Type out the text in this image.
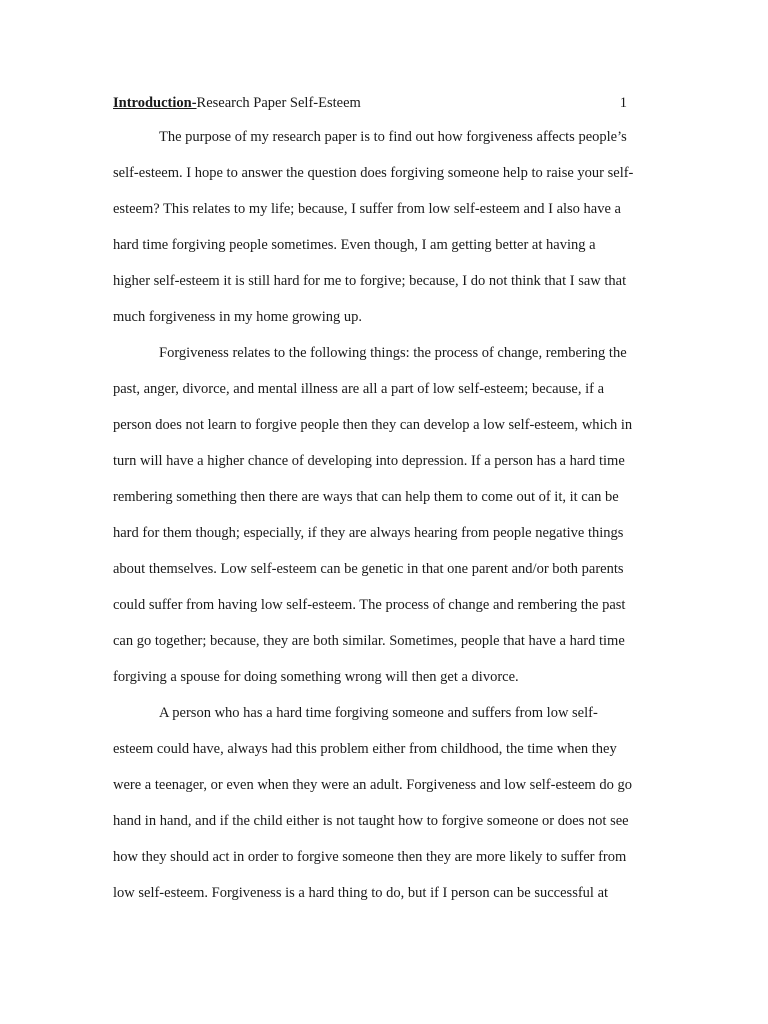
Introduction-Research Paper Self-Esteem	1
The purpose of my research paper is to find out how forgiveness affects people’s
self-esteem. I hope to answer the question does forgiving someone help to raise your self-
esteem? This relates to my life; because, I suffer from low self-esteem and I also have a
hard time forgiving people sometimes. Even though, I am getting better at having a
higher self-esteem it is still hard for me to forgive; because, I do not think that I saw that
much forgiveness in my home growing up.
Forgiveness relates to the following things: the process of change, rembering the
past, anger, divorce, and mental illness are all a part of low self-esteem; because, if a
person does not learn to forgive people then they can develop a low self-esteem, which in
turn will have a higher chance of developing into depression. If a person has a hard time
rembering something then there are ways that can help them to come out of it, it can be
hard for them though; especially, if they are always hearing from people negative things
about themselves. Low self-esteem can be genetic in that one parent and/or both parents
could suffer from having low self-esteem. The process of change and rembering the past
can go together; because, they are both similar. Sometimes, people that have a hard time
forgiving a spouse for doing something wrong will then get a divorce.
A person who has a hard time forgiving someone and suffers from low self-
esteem could have, always had this problem either from childhood, the time when they
were a teenager, or even when they were an adult. Forgiveness and low self-esteem do go
hand in hand, and if the child either is not taught how to forgive someone or does not see
how they should act in order to forgive someone then they are more likely to suffer from
low self-esteem. Forgiveness is a hard thing to do, but if I person can be successful at
